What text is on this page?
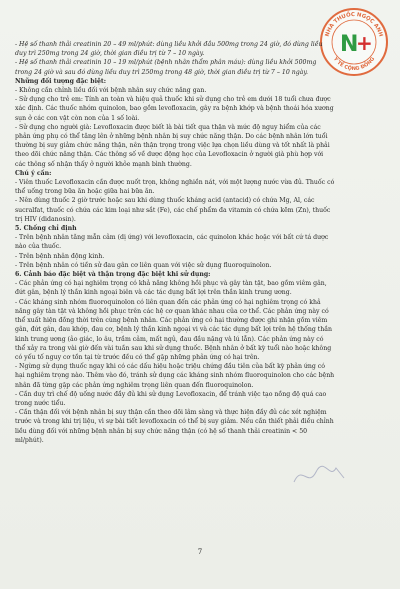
NHÀ THUỐC NGỌC ANH
Y TẾ CỘNG ĐỒNG
N
+

- Hệ số thanh thải creatinin 20 – 49 ml/phút: dùng liều khởi đầu 500mg trong 24 giờ, đó dùng liều duy trì 250mg trong 24 giờ, thời gian điều trị từ 7 – 10 ngày.

- Hệ số thanh thải creatinin 10 – 19 ml/phút (bệnh nhân thẩm phân máu): dùng liều khởi 500mg trong 24 giờ và sau đó dùng liều duy trì 250mg trong 48 giờ, thời gian điều trị từ 7 – 10 ngày.

Những đối tượng đặc biệt:

- Không cần chỉnh liều đối với bệnh nhân suy chức năng gan.

- Sử dụng cho trẻ em: Tính an toàn và hiệu quả thuốc khi sử dụng cho trẻ em dưới 18 tuổi chưa được xác định. Các thuốc nhóm quinolon, bao gồm levofloxacin, gây ra bệnh khớp và bệnh thoái hóa xương sụn ở các con vật còn non của 1 số loài.

- Sử dụng cho người già: Levofloxacin được biết là bài tiết qua thận và mức độ nguy hiểm của các phản ứng phụ có thể tăng lên ở những bệnh nhân bị suy chức năng thận. Do các bệnh nhân lớn tuổi thường bị suy giảm chức năng thận, nên thận trọng trong việc lựa chọn liều dùng và tốt nhất là phải theo dõi chức năng thận. Các thông số về dược động học của Levofloxacin ở người già phù hợp với các thông số nhận thấy ở người khỏe mạnh bình thường.

Chú ý cần:

- Viên thuốc Levofloxacin cần được nuốt trọn, không nghiền nát, với một lượng nước vừa đủ. Thuốc có thể uống trong bữa ăn hoặc giữa hai bữa ăn.

- Nên dùng thuốc 2 giờ trước hoặc sau khi dùng thuốc kháng acid (antacid) có chứa Mg, Al, các sucralfat, thuốc có chứa các kim loại như sắt (Fe), các chế phẩm đa vitamin có chứa kẽm (Zn), thuốc trị HIV (didanosin).

5. Chống chỉ định

- Trên bệnh nhân tăng mẫn cảm (dị ứng) với levofloxacin, các quinolon khác hoặc với bất cứ tá dược nào của thuốc.

- Trên bệnh nhân động kinh.

- Trên bệnh nhân có tiền sử đau gân cơ liên quan với việc sử dụng fluoroquinolon.

6. Cảnh báo đặc biệt và thận trọng đặc biệt khi sử dụng:

- Các phản ứng có hại nghiêm trọng có khả năng không hồi phục và gây tàn tật, bao gồm viêm gân, đứt gân, bệnh lý thần kinh ngoại biên và các tác dụng bất lợi trên thần kinh trung ương.

- Các kháng sinh nhóm fluoroquinolon có liên quan đến các phản ứng có hại nghiêm trọng có khả năng gây tàn tật và không hồi phục trên các hệ cơ quan khác nhau của cơ thể. Các phản ứng này có thể xuất hiện đồng thời trên cùng bệnh nhân. Các phản ứng có hại thường được ghi nhận gồm viêm gân, đứt gân, đau khớp, đau cơ, bệnh lý thần kinh ngoại vi và các tác dụng bất lợi trên hệ thống thần kinh trung ương (ảo giác, lo âu, trầm cảm, mất ngủ, đau đầu nặng và lú lẫn). Các phản ứng này có thể xảy ra trong vài giờ đến vài tuần sau khi sử dụng thuốc. Bệnh nhân ở bất kỳ tuổi nào hoặc không có yếu tố nguy cơ tồn tại từ trước đều có thể gặp những phản ứng có hại trên.

- Ngừng sử dụng thuốc ngay khi có các dấu hiệu hoặc triệu chứng đầu tiên của bất kỳ phản ứng có hại nghiêm trọng nào. Thêm vào đó, tránh sử dụng các kháng sinh nhóm fluoroquinolon cho các bệnh nhân đã từng gặp các phản ứng nghiêm trọng liên quan đến fluoroquinolon.

- Cần duy trì chế độ uống nước đầy đủ khi sử dụng Levofloxacin, để tránh việc tạo nồng độ quá cao trong nước tiểu.

- Cần thận đối với bệnh nhân bị suy thận cần theo dõi lâm sàng và thực hiện đầy đủ các xét nghiệm trước và trong khi trị liệu, vì sự bài tiết levofloxacin có thể bị suy giảm. Nếu cần thiết phải điều chỉnh liều dùng đối với những bệnh nhân bị suy chức năng thận (có hệ số thanh thải creatinin < 50 ml/phút).

7
